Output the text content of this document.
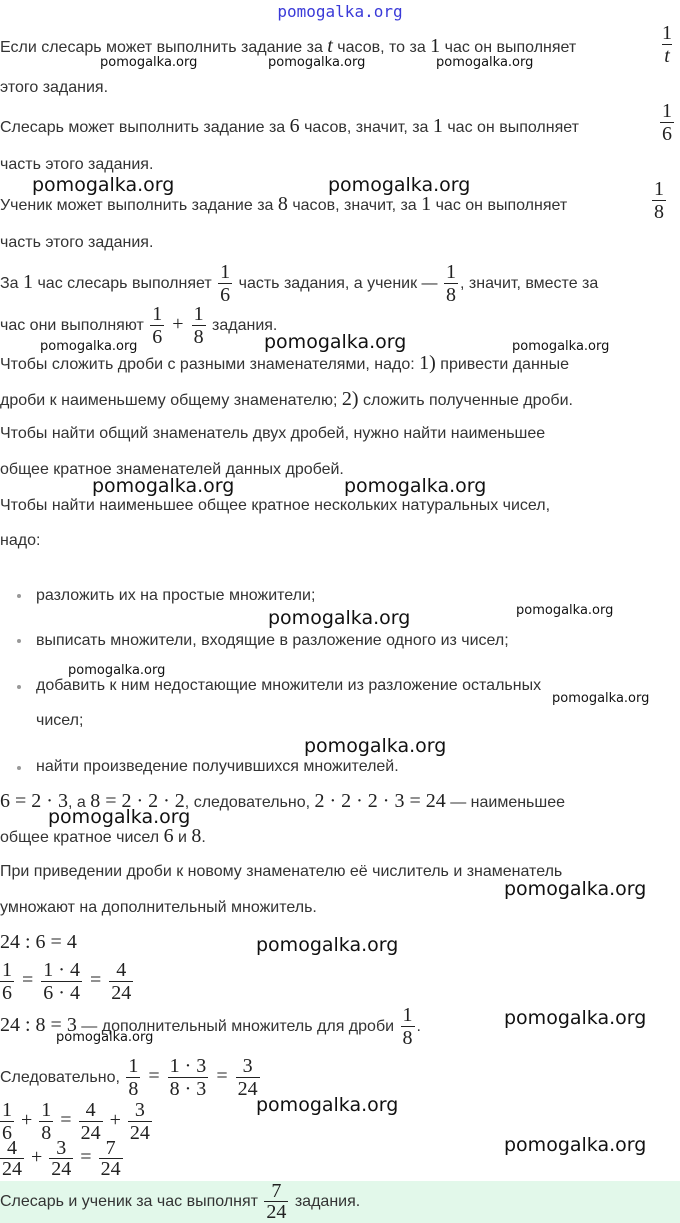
pomogalka.org
Если слесарь может выполнить задание за t часов, то за 1 час он выполняет	$\frac{1}{t}$
этого задания.
Слесарь может выполнить задание за 6 часов, значит, за 1 час он выполняет	$\frac{1}{6}$
часть этого задания.
Ученик может выполнить задание за 8 часов, значит, за 1 час он выполняет	$\frac{1}{8}$
часть этого задания.
За 1 час слесарь выполняет $\frac{1}{6}$ часть задания, а ученик — $\frac{1}{8}$ , значит, вместе за
час они выполняют $\frac{1}{6} + \frac{1}{8}$ задания.
Чтобы сложить дроби с разными знаменателями, надо: 1) привести данные
дроби к наименьшему общему знаменателю; 2) сложить полученные дроби.
Чтобы найти общий знаменатель двух дробей, нужно найти наименьшее
общее кратное знаменателей данных дробей.
Чтобы найти наименьшее общее кратное нескольких натуральных чисел,
надо:
разложить их на простые множители;
выписать множители, входящие в разложение одного из чисел;
добавить к ним недостающие множители из разложение остальных
чисел;
найти произведение получившихся множителей.
6 = 2 · 3, а 8 = 2 · 2 · 2, следовательно, 2 · 2 · 2 · 3 = 24 — наименьшее
общее кратное чисел 6 и 8.
При приведении дроби к новому знаменателю её числитель и знаменатель
умножают на дополнительный множитель.
24 : 6 = 4
$\frac{1}{6} = \frac{1 \cdot 4}{6 \cdot 4} = \frac{4}{24}$
24 : 8 = 3 — дополнительный множитель для дроби $\frac{1}{8}$ .
Следовательно, $\frac{1}{8} = \frac{1 \cdot 3}{8 \cdot 3} = \frac{3}{24}$
$\frac{1}{6} + \frac{1}{8} = \frac{4}{24} + \frac{3}{24}$
$\frac{4}{24} + \frac{3}{24} = \frac{7}{24}$
Слесарь и ученик за час выполнят $\frac{7}{24}$ задания.
pomogalka.org	pomogalka.org	pomogalka.org
pomogalka.org	pomogalka.org
pomogalka.org	pomogalka.org	pomogalka.org
pomogalka.org	pomogalka.org
pomogalka.org	pomogalka.org
pomogalka.org
pomogalka.org
pomogalka.org
pomogalka.org
pomogalka.org
pomogalka.org
pomogalka.org
pomogalka.org
pomogalka.org
pomogalka.org
